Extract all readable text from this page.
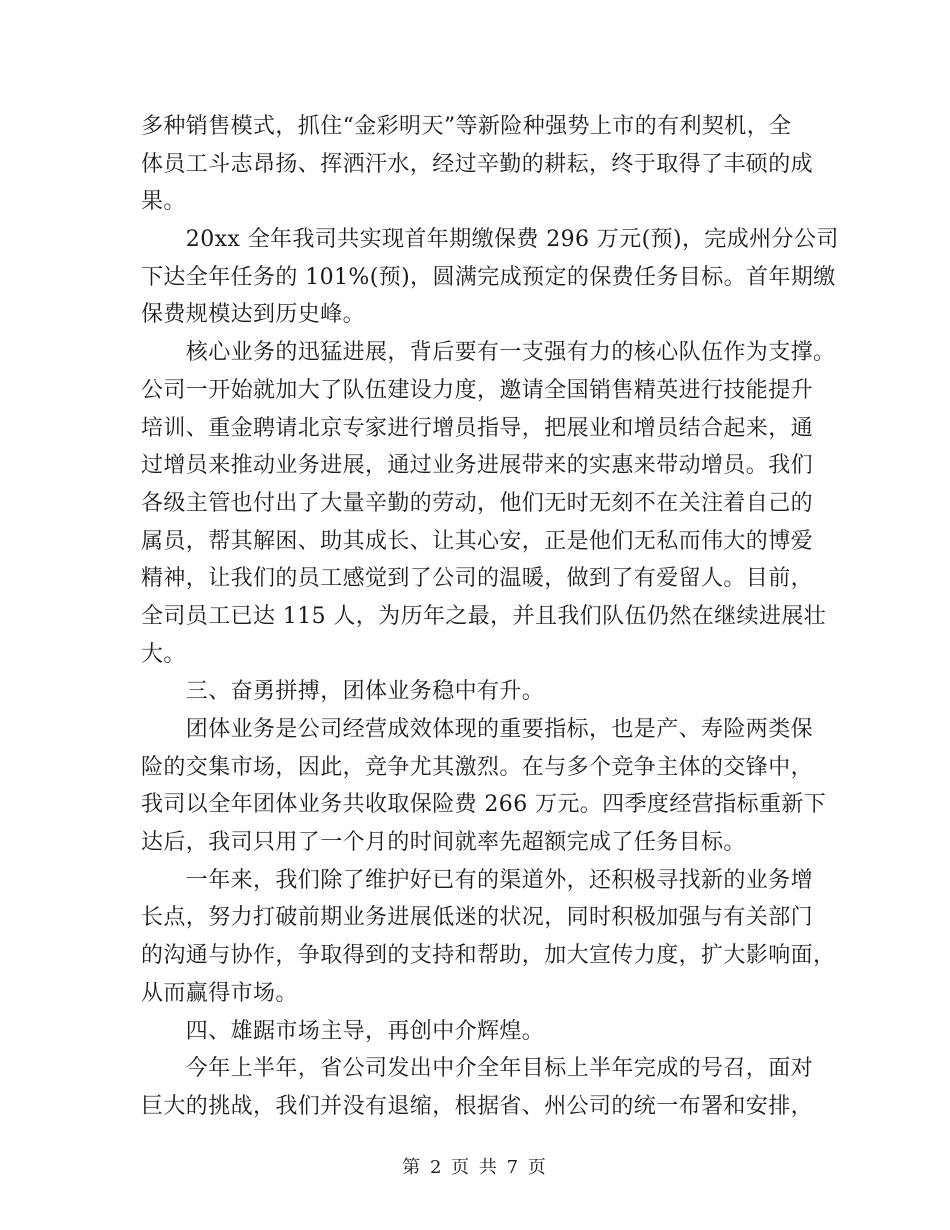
多种销售模式，抓住“金彩明天”等新险种强势上市的有利契机，全
体员工斗志昂扬、挥洒汗水，经过辛勤的耕耘，终于取得了丰硕的成
果。
　　20xx 全年我司共实现首年期缴保费 296 万元(预)，完成州分公司
下达全年任务的 101%(预)，圆满完成预定的保费任务目标。首年期缴
保费规模达到历史峰。
　　核心业务的迅猛进展，背后要有一支强有力的核心队伍作为支撑。
公司一开始就加大了队伍建设力度，邀请全国销售精英进行技能提升
培训、重金聘请北京专家进行增员指导，把展业和增员结合起来，通
过增员来推动业务进展，通过业务进展带来的实惠来带动增员。我们
各级主管也付出了大量辛勤的劳动，他们无时无刻不在关注着自己的
属员，帮其解困、助其成长、让其心安，正是他们无私而伟大的博爱
精神，让我们的员工感觉到了公司的温暖，做到了有爱留人。目前，
全司员工已达 115 人，为历年之最，并且我们队伍仍然在继续进展壮
大。
　　三、奋勇拼搏，团体业务稳中有升。
　　团体业务是公司经营成效体现的重要指标，也是产、寿险两类保
险的交集市场，因此，竞争尤其激烈。在与多个竞争主体的交锋中，
我司以全年团体业务共收取保险费 266 万元。四季度经营指标重新下
达后，我司只用了一个月的时间就率先超额完成了任务目标。
　　一年来，我们除了维护好已有的渠道外，还积极寻找新的业务增
长点，努力打破前期业务进展低迷的状况，同时积极加强与有关部门
的沟通与协作，争取得到的支持和帮助，加大宣传力度，扩大影响面，
从而赢得市场。
　　四、雄踞市场主导，再创中介辉煌。
　　今年上半年，省公司发出中介全年目标上半年完成的号召，面对
巨大的挑战，我们并没有退缩，根据省、州公司的统一布署和安排，
第 2 页 共 7 页
